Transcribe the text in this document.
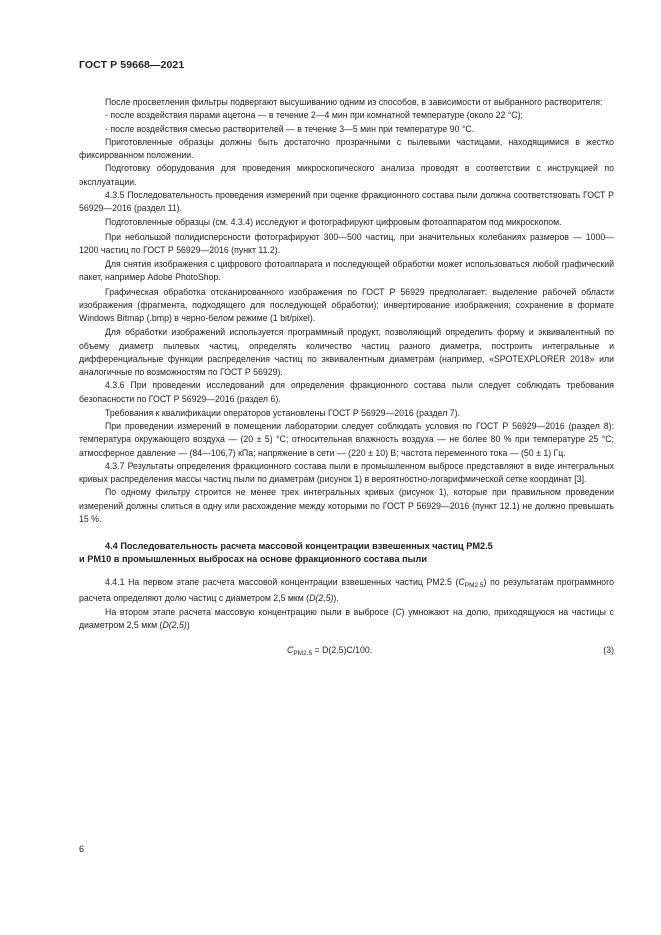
ГОСТ Р 59668—2021

После просветления фильтры подвергают высушиванию одним из способов, в зависимости от выбранного растворителя:

- после воздействия парами ацетона — в течение 2—4 мин при комнатной температуре (около 22 °С);

- после воздействия смесью растворителей — в течение 3—5 мин при температуре 90 °С.

Приготовленные образцы должны быть достаточно прозрачными с пылевыми частицами, находящимися в жестко фиксированном положении.

Подготовку оборудования для проведения микроскопического анализа проводят в соответствии с инструкцией по эксплуатации.

4.3.5 Последовательность проведения измерений при оценке фракционного состава пыли должна соответствовать ГОСТ Р 56929—2016 (раздел 11).

Подготовленные образцы (см. 4.3.4) исследуют и фотографируют цифровым фотоаппаратом под микроскопом.

При небольшой полидисперсности фотографируют 300—500 частиц, при значительных колебаниях размеров — 1000—1200 частиц по ГОСТ Р 56929—2016 (пункт 11.2).

Для снятия изображения с цифрового фотоаппарата и последующей обработки может использоваться любой графический пакет, например Adobe PhotoShop.

Графическая обработка отсканированного изображения по ГОСТ Р 56929 предполагает: выделение рабочей области изображения (фрагмента, подходящего для последующей обработки); инвертирование изображения; сохранение в формате Windows Bitmap (.bmp) в черно-белом режиме (1 bit/pixel).

Для обработки изображений используется программный продукт, позволяющий определить форму и эквивалентный по объему диаметр пылевых частиц, определять количество частиц разного диаметра, построить интегральные и дифференциальные функции распределения частиц по эквивалентным диаметрам (например, «SPOTEXPLORER 2018» или аналогичные по возможностям по ГОСТ Р 56929).

4.3.6 При проведении исследований для определения фракционного состава пыли следует соблюдать требования безопасности по ГОСТ Р 56929—2016 (раздел 6).

Требования к квалификации операторов установлены ГОСТ Р 56929—2016 (раздел 7).

При проведении измерений в помещении лаборатории следует соблюдать условия по ГОСТ Р 56929—2016 (раздел 8): температура окружающего воздуха — (20 ± 5) °С; относительная влажность воздуха — не более 80 % при температуре 25 °С; атмосферное давление — (84—106,7) кПа; напряжение в сети — (220 ± 10) В; частота переменного тока — (50 ± 1) Гц.

4.3.7 Результаты определения фракционного состава пыли в промышленном выбросе представляют в виде интегральных кривых распределения массы частиц пыли по диаметрам (рисунок 1) в вероятностно-логарифмической сетке координат [3].

По одному фильтру строится не менее трех интегральных кривых (рисунок 1), которые при правильном проведении измерений должны слиться в одну или расхождение между которыми по ГОСТ Р 56929—2016 (пункт 12.1) не должно превышать 15 %.

4.4 Последовательность расчета массовой концентрации взвешенных частиц PM2.5
и PM10 в промышленных выбросах на основе фракционного состава пыли

4.4.1 На первом этапе расчета массовой концентрации взвешенных частиц PM2.5 $(C_{PM2.5})$ по результатам программного расчета определяют долю частиц с диаметром 2,5 мкм (D(2,5)).

На втором этапе расчета массовую концентрацию пыли в выбросе (C) умножают на долю, приходящуюся на частицы с диаметром 2,5 мкм (D(2,5))

$C_{PM2.5} = D(2,5)C/100$.	(3)
6
